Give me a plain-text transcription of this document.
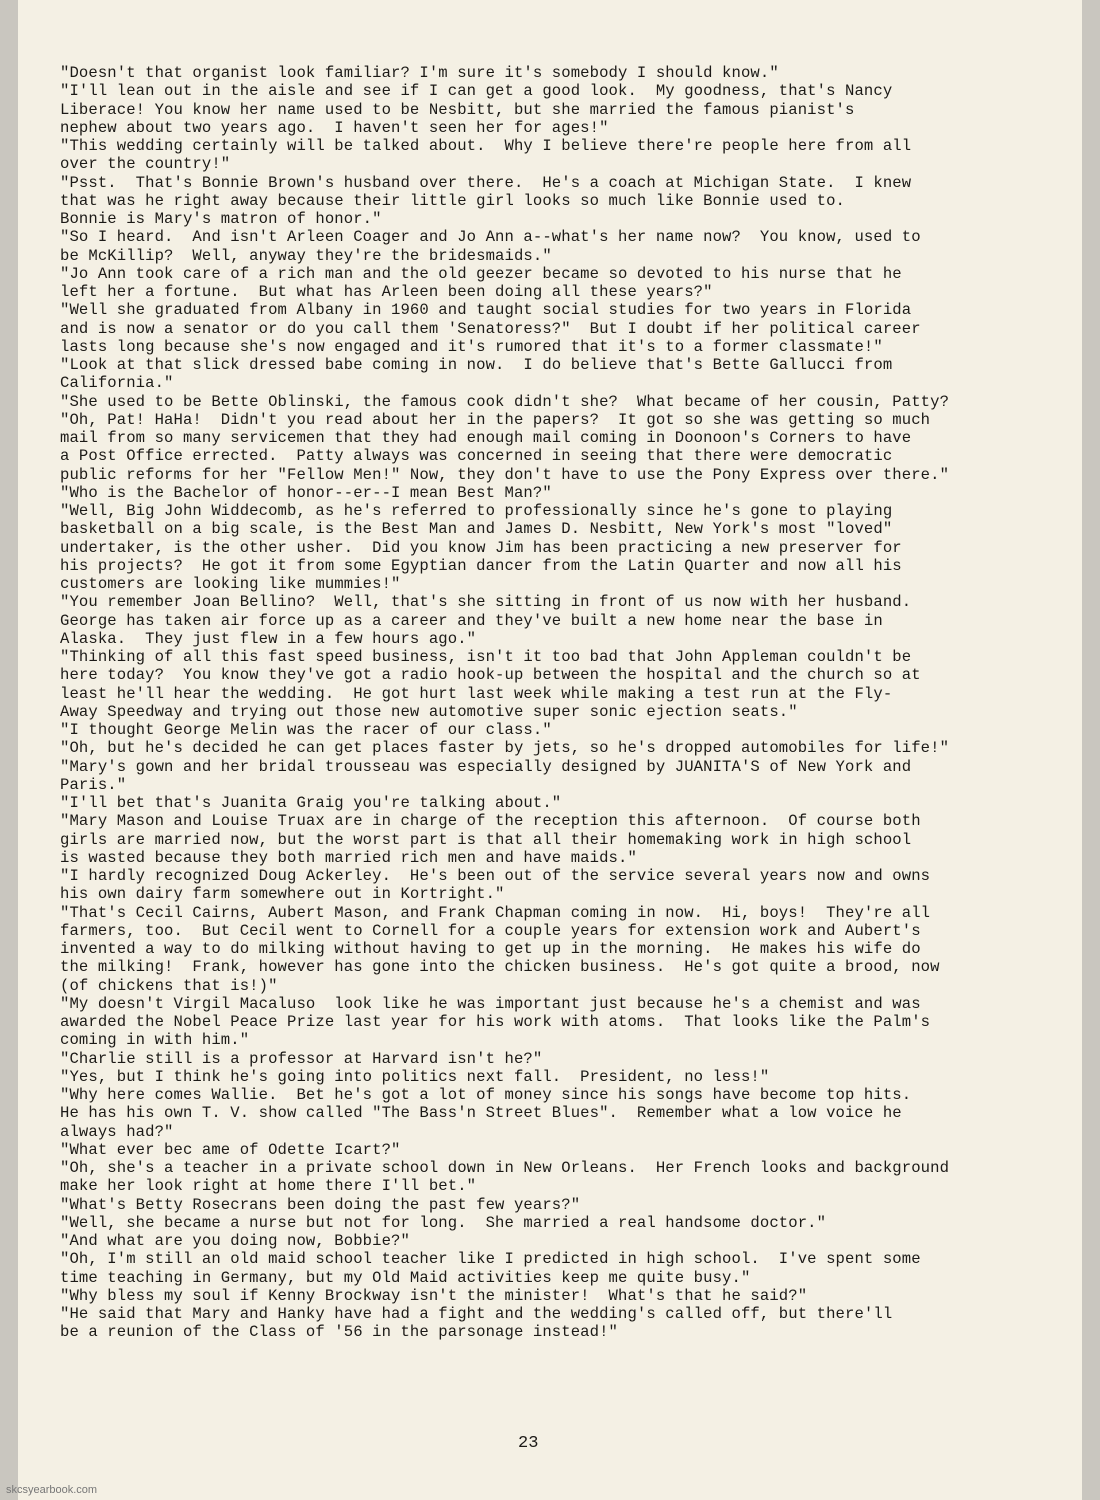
"Doesn't that organist look familiar? I'm sure it's somebody I should know."
"I'll lean out in the aisle and see if I can get a good look.  My goodness, that's Nancy
Liberace! You know her name used to be Nesbitt, but she married the famous pianist's
nephew about two years ago.  I haven't seen her for ages!"
"This wedding certainly will be talked about.  Why I believe there're people here from all
over the country!"
"Psst.  That's Bonnie Brown's husband over there.  He's a coach at Michigan State.  I knew
that was he right away because their little girl looks so much like Bonnie used to.
Bonnie is Mary's matron of honor."
"So I heard.  And isn't Arleen Coager and Jo Ann a--what's her name now?  You know, used to
be McKillip?  Well, anyway they're the bridesmaids."
"Jo Ann took care of a rich man and the old geezer became so devoted to his nurse that he
left her a fortune.  But what has Arleen been doing all these years?"
"Well she graduated from Albany in 1960 and taught social studies for two years in Florida
and is now a senator or do you call them 'Senatoress?"  But I doubt if her political career
lasts long because she's now engaged and it's rumored that it's to a former classmate!"
"Look at that slick dressed babe coming in now.  I do believe that's Bette Gallucci from
California."
"She used to be Bette Oblinski, the famous cook didn't she?  What became of her cousin, Patty?
"Oh, Pat! HaHa!  Didn't you read about her in the papers?  It got so she was getting so much
mail from so many servicemen that they had enough mail coming in Doonoon's Corners to have
a Post Office errected.  Patty always was concerned in seeing that there were democratic
public reforms for her "Fellow Men!" Now, they don't have to use the Pony Express over there."
"Who is the Bachelor of honor--er--I mean Best Man?"
"Well, Big John Widdecomb, as he's referred to professionally since he's gone to playing
basketball on a big scale, is the Best Man and James D. Nesbitt, New York's most "loved"
undertaker, is the other usher.  Did you know Jim has been practicing a new preserver for
his projects?  He got it from some Egyptian dancer from the Latin Quarter and now all his
customers are looking like mummies!"
"You remember Joan Bellino?  Well, that's she sitting in front of us now with her husband.
George has taken air force up as a career and they've built a new home near the base in
Alaska.  They just flew in a few hours ago."
"Thinking of all this fast speed business, isn't it too bad that John Appleman couldn't be
here today?  You know they've got a radio hook-up between the hospital and the church so at
least he'll hear the wedding.  He got hurt last week while making a test run at the Fly-
Away Speedway and trying out those new automotive super sonic ejection seats."
"I thought George Melin was the racer of our class."
"Oh, but he's decided he can get places faster by jets, so he's dropped automobiles for life!"
"Mary's gown and her bridal trousseau was especially designed by JUANITA'S of New York and
Paris."
"I'll bet that's Juanita Graig you're talking about."
"Mary Mason and Louise Truax are in charge of the reception this afternoon.  Of course both
girls are married now, but the worst part is that all their homemaking work in high school
is wasted because they both married rich men and have maids."
"I hardly recognized Doug Ackerley.  He's been out of the service several years now and owns
his own dairy farm somewhere out in Kortright."
"That's Cecil Cairns, Aubert Mason, and Frank Chapman coming in now.  Hi, boys!  They're all
farmers, too.  But Cecil went to Cornell for a couple years for extension work and Aubert's
invented a way to do milking without having to get up in the morning.  He makes his wife do
the milking!  Frank, however has gone into the chicken business.  He's got quite a brood, now
(of chickens that is!)"
"My doesn't Virgil Macaluso  look like he was important just because he's a chemist and was
awarded the Nobel Peace Prize last year for his work with atoms.  That looks like the Palm's
coming in with him."
"Charlie still is a professor at Harvard isn't he?"
"Yes, but I think he's going into politics next fall.  President, no less!"
"Why here comes Wallie.  Bet he's got a lot of money since his songs have become top hits.
He has his own T. V. show called "The Bass'n Street Blues".  Remember what a low voice he
always had?"
"What ever bec ame of Odette Icart?"
"Oh, she's a teacher in a private school down in New Orleans.  Her French looks and background
make her look right at home there I'll bet."
"What's Betty Rosecrans been doing the past few years?"
"Well, she became a nurse but not for long.  She married a real handsome doctor."
"And what are you doing now, Bobbie?"
"Oh, I'm still an old maid school teacher like I predicted in high school.  I've spent some
time teaching in Germany, but my Old Maid activities keep me quite busy."
"Why bless my soul if Kenny Brockway isn't the minister!  What's that he said?"
"He said that Mary and Hanky have had a fight and the wedding's called off, but there'll
be a reunion of the Class of '56 in the parsonage instead!"
23
skcsyearbook.com
